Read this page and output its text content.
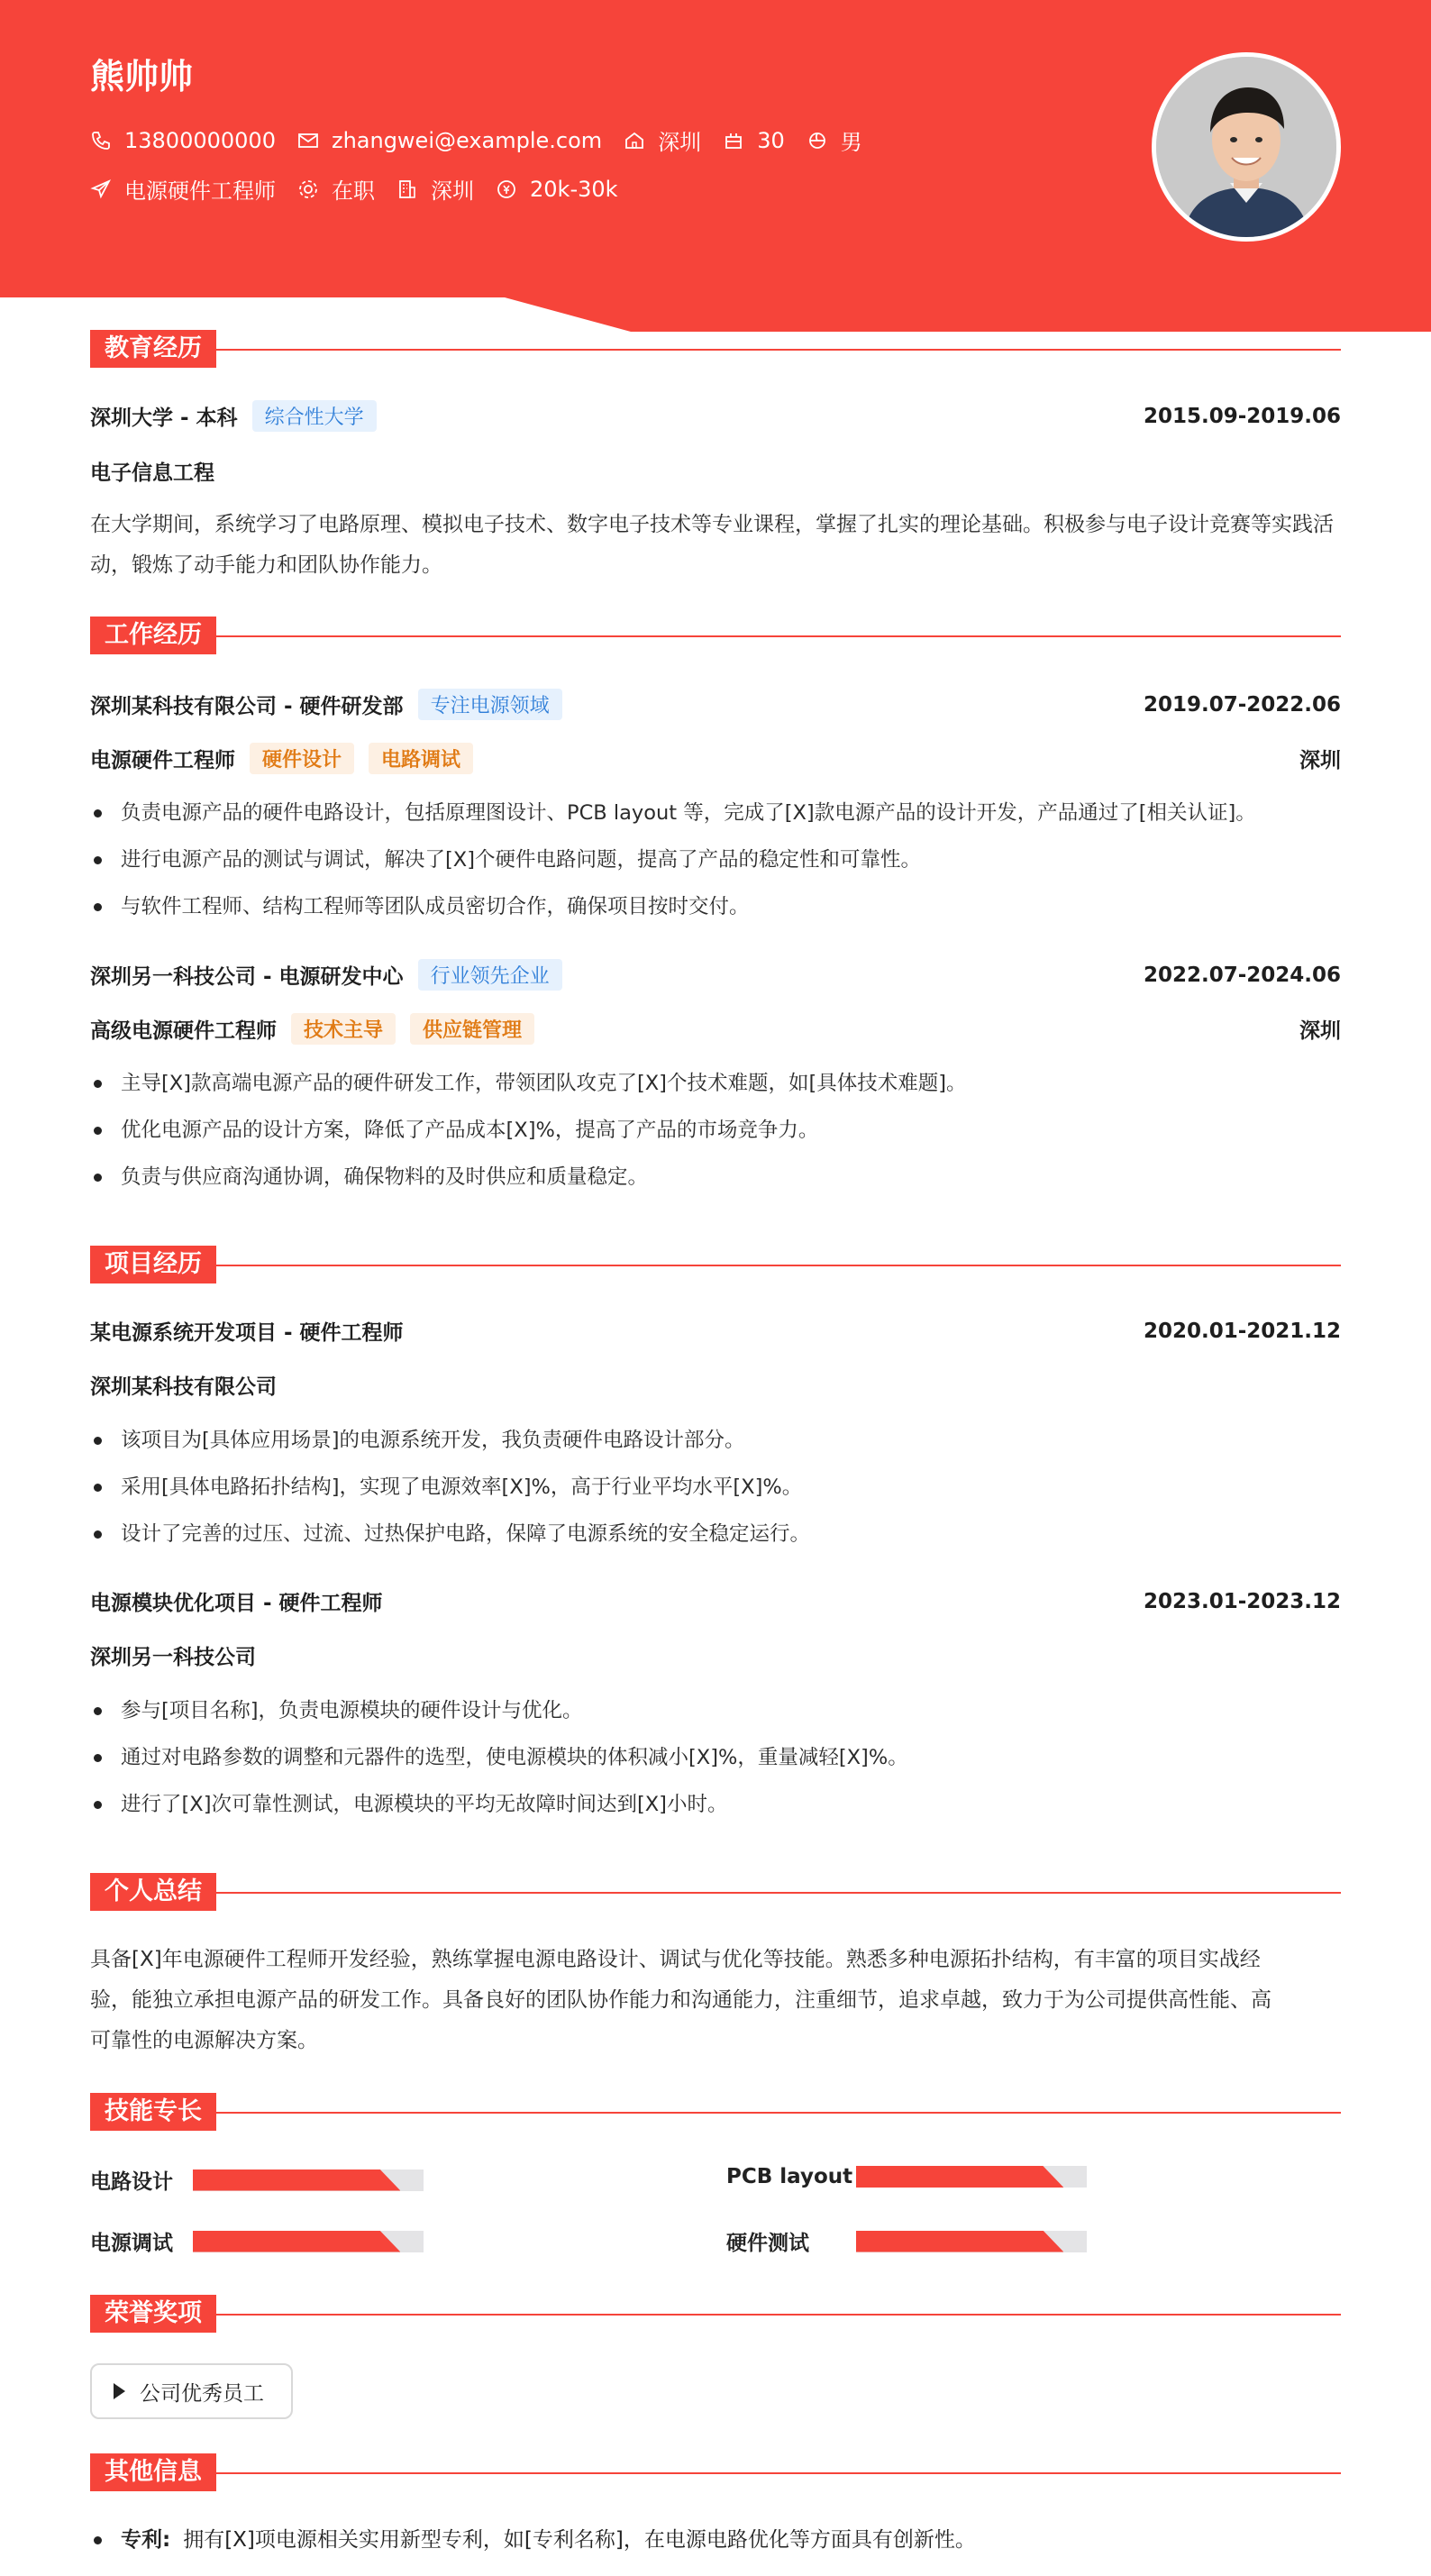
熊帅帅
13800000000	zhangwei@example.com	深圳	30	男
电源硬件工程师	在职	深圳	20k-30k
教育经历
深圳大学 - 本科	综合性大学	2015.09-2019.06
电子信息工程
在大学期间，系统学习了电路原理、模拟电子技术、数字电子技术等专业课程，掌握了扎实的理论基础。积极参与电子设计竞赛等实践活动，锻炼了动手能力和团队协作能力。
工作经历
深圳某科技有限公司 - 硬件研发部	专注电源领域	2019.07-2022.06
电源硬件工程师	硬件设计	电路调试	深圳
负责电源产品的硬件电路设计，包括原理图设计、PCB layout 等，完成了[X]款电源产品的设计开发，产品通过了[相关认证]。
进行电源产品的测试与调试，解决了[X]个硬件电路问题，提高了产品的稳定性和可靠性。
与软件工程师、结构工程师等团队成员密切合作，确保项目按时交付。
深圳另一科技公司 - 电源研发中心	行业领先企业	2022.07-2024.06
高级电源硬件工程师	技术主导	供应链管理	深圳
主导[X]款高端电源产品的硬件研发工作，带领团队攻克了[X]个技术难题，如[具体技术难题]。
优化电源产品的设计方案，降低了产品成本[X]%，提高了产品的市场竞争力。
负责与供应商沟通协调，确保物料的及时供应和质量稳定。
项目经历
某电源系统开发项目 - 硬件工程师	2020.01-2021.12
深圳某科技有限公司
该项目为[具体应用场景]的电源系统开发，我负责硬件电路设计部分。
采用[具体电路拓扑结构]，实现了电源效率[X]%，高于行业平均水平[X]%。
设计了完善的过压、过流、过热保护电路，保障了电源系统的安全稳定运行。
电源模块优化项目 - 硬件工程师	2023.01-2023.12
深圳另一科技公司
参与[项目名称]，负责电源模块的硬件设计与优化。
通过对电路参数的调整和元器件的选型，使电源模块的体积减小[X]%，重量减轻[X]%。
进行了[X]次可靠性测试，电源模块的平均无故障时间达到[X]小时。
个人总结
具备[X]年电源硬件工程师开发经验，熟练掌握电源电路设计、调试与优化等技能。熟悉多种电源拓扑结构，有丰富的项目实战经
验，能独立承担电源产品的研发工作。具备良好的团队协作能力和沟通能力，注重细节，追求卓越，致力于为公司提供高性能、高
可靠性的电源解决方案。
技能专长
电路设计	PCB layout
电源调试	硬件测试
荣誉奖项
公司优秀员工
其他信息
专利: 拥有[X]项电源相关实用新型专利，如[专利名称]，在电源电路优化等方面具有创新性。
